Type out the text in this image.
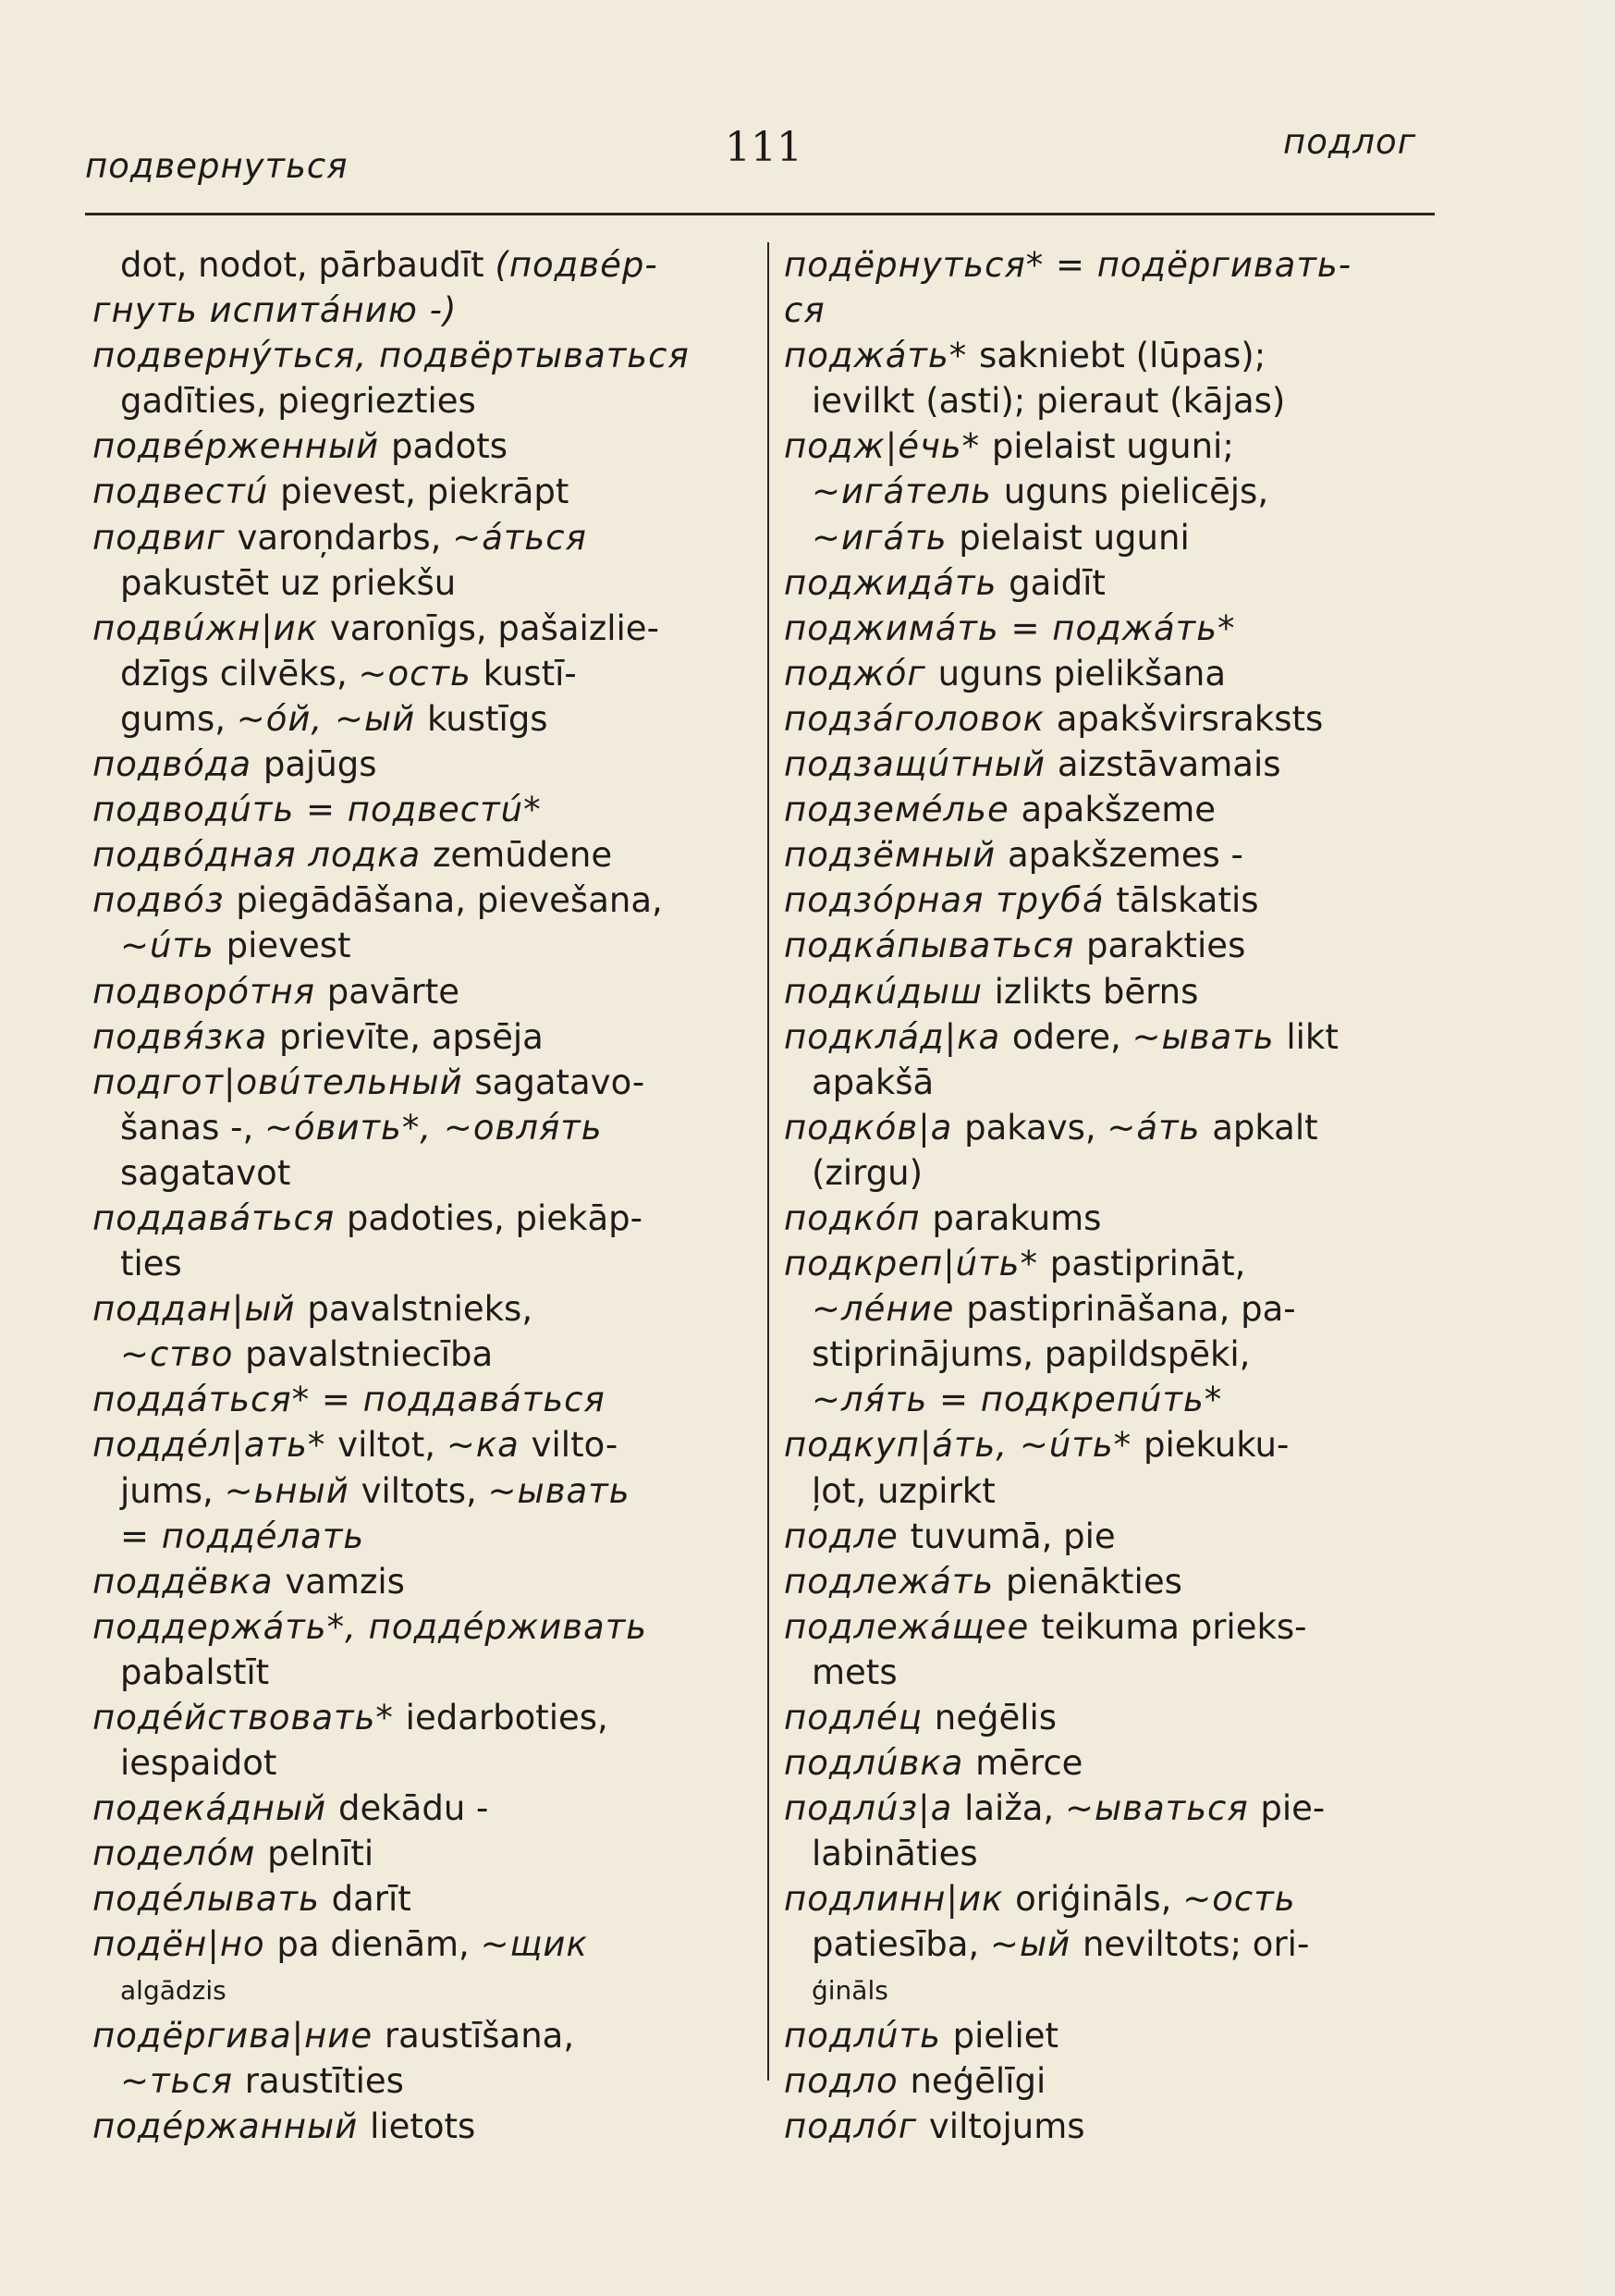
подвернуться	111	подлог
dot, nodot, pārbaudīt (подвéр-
гнуть испитáнию -)
подвернýться, подвёртываться
gadīties, piegriezties
подвéрженный padots
подвестú pievest, piekrāpt
подвиг varoņdarbs, ~áться
pakustēt uz priekšu
подвúжн|ик varonīgs, pašaizlie-
dzīgs cilvēks, ~ость kustī-
gums, ~óй, ~ый kustīgs
подвóда pajūgs
подводúть = подвестú*
подвóдная лодка zemūdene
подвóз piegādāšana, pievešana,
~úть pievest
подворóтня pavārte
подвя́зка prievīte, apsēja
подгот|овúтельный sagatavo-
šanas -, ~óвить*, ~овля́ть
sagatavot
поддавáться padoties, piekāp-
ties
поддан|ый pavalstnieks,
~ство pavalstniecība
поддáться* = поддавáться
поддéл|ать* viltot, ~ка vilto-
jums, ~ьный viltots, ~ывать
= поддéлать
поддёвка vamzis
поддержáть*, поддéрживать
pabalstīt
подéйствовать* iedarboties,
iespaidot
подекáдный dekādu -
поделóм pelnīti
подéлывать darīt
подён|но pa dienām, ~щик
algādzis
подёргива|ние raustīšana,
~ться raustīties
подéржанный lietots
подёрнуться* = подёргивать-
ся
поджáть* sakniebt (lūpas);
ievilkt (asti); pieraut (kājas)
подж|éчь* pielaist uguni;
~игáтель uguns pielicējs,
~игáть pielaist uguni
поджидáть gaidīt
поджимáть = поджáть*
поджóг uguns pielikšana
подзáголовок apakšvirsraksts
подзащúтный aizstāvamais
подземéлье apakšzeme
подзёмный apakšzemes -
подзóрная трубá tālskatis
подкáпываться parakties
подкúдыш izlikts bērns
подклáд|ка odere, ~ывать likt
apakšā
подкóв|а pakavs, ~áть apkalt
(zirgu)
подкóп parakums
подкреп|úть* pastiprināt,
~лéние pastiprināšana, pa-
stiprinājums, papildspēki,
~ля́ть = подкрепúть*
подкуп|áть, ~úть* piekuku-
ļot, uzpirkt
подле tuvumā, pie
подлежáть pienākties
подлежáщее teikuma prieks-
mets
подлéц neģēlis
подлúвка mērce
подлúз|а laiža, ~ываться pie-
labināties
подлинн|ик oriģināls, ~ость
patiesība, ~ый neviltots; ori-
ģināls
подлúть pieliet
подло neģēlīgi
подлóг viltojums
